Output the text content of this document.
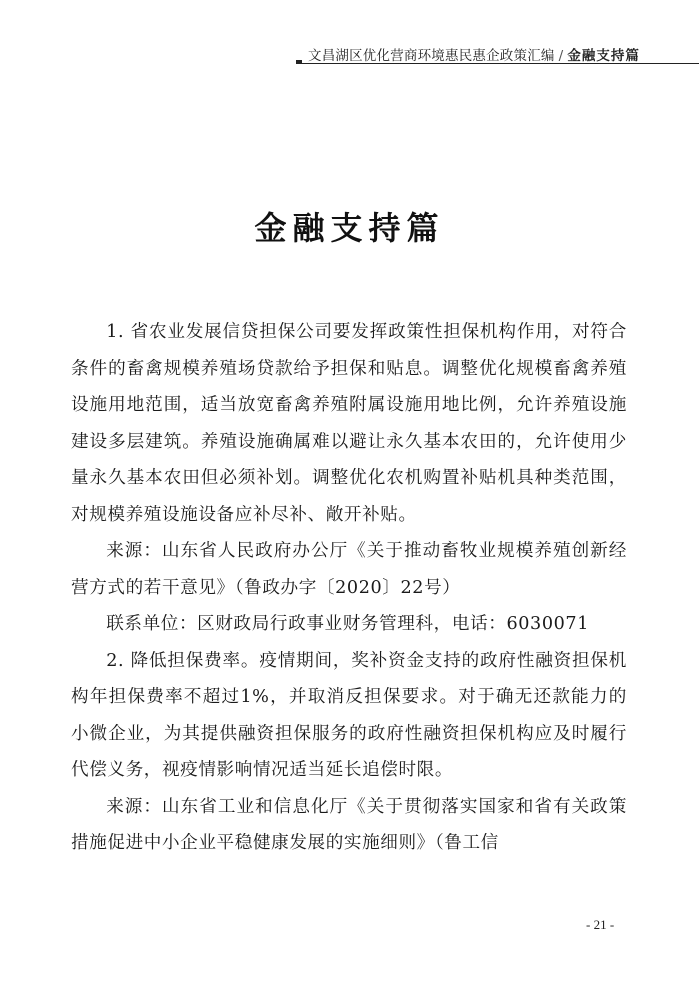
文昌湖区优化营商环境惠民惠企政策汇编 / 金融支持篇
金融支持篇

1. 省农业发展信贷担保公司要发挥政策性担保机构作用，对符合条件的畜禽规模养殖场贷款给予担保和贴息。调整优化规模畜禽养殖设施用地范围，适当放宽畜禽养殖附属设施用地比例，允许养殖设施建设多层建筑。养殖设施确属难以避让永久基本农田的，允许使用少量永久基本农田但必须补划。调整优化农机购置补贴机具种类范围，对规模养殖设施设备应补尽补、敞开补贴。

来源：山东省人民政府办公厅《关于推动畜牧业规模养殖创新经营方式的若干意见》（鲁政办字〔2020〕22号）

联系单位：区财政局行政事业财务管理科，电话：6030071

2. 降低担保费率。疫情期间，奖补资金支持的政府性融资担保机构年担保费率不超过1%，并取消反担保要求。对于确无还款能力的小微企业，为其提供融资担保服务的政府性融资担保机构应及时履行代偿义务，视疫情影响情况适当延长追偿时限。

来源：山东省工业和信息化厅《关于贯彻落实国家和省有关政策措施促进中小企业平稳健康发展的实施细则》（鲁工信

- 21 -
